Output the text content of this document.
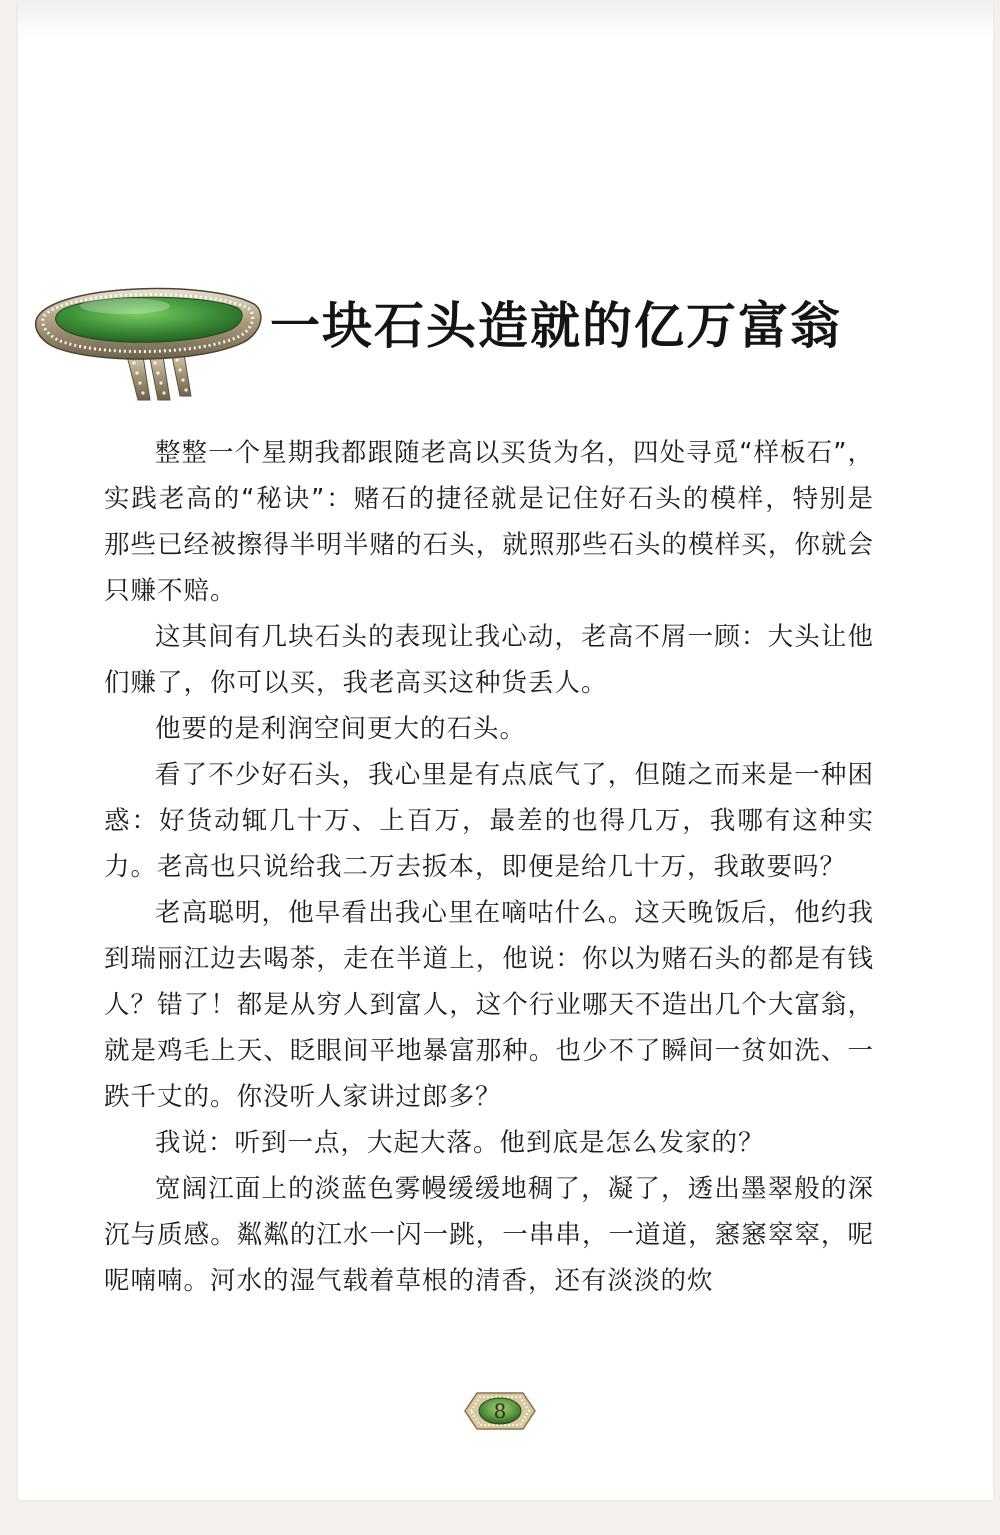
一块石头造就的亿万富翁

整整一个星期我都跟随老高以买货为名，四处寻觅“样板石”，实践老高的“秘诀”：赌石的捷径就是记住好石头的模样，特别是那些已经被擦得半明半赌的石头，就照那些石头的模样买，你就会只赚不赔。

这其间有几块石头的表现让我心动，老高不屑一顾：大头让他们赚了，你可以买，我老高买这种货丢人。

他要的是利润空间更大的石头。

看了不少好石头，我心里是有点底气了，但随之而来是一种困惑：好货动辄几十万、上百万，最差的也得几万，我哪有这种实力。老高也只说给我二万去扳本，即便是给几十万，我敢要吗？

老高聪明，他早看出我心里在嘀咕什么。这天晚饭后，他约我到瑞丽江边去喝茶，走在半道上，他说：你以为赌石头的都是有钱人？错了！都是从穷人到富人，这个行业哪天不造出几个大富翁，就是鸡毛上天、眨眼间平地暴富那种。也少不了瞬间一贫如洗、一跌千丈的。你没听人家讲过郎多？

我说：听到一点，大起大落。他到底是怎么发家的？

宽阔江面上的淡蓝色雾幔缓缓地稠了，凝了，透出墨翠般的深沉与质感。粼粼的江水一闪一跳，一串串，一道道，窸窸窣窣，呢呢喃喃。河水的湿气载着草根的清香，还有淡淡的炊

8
